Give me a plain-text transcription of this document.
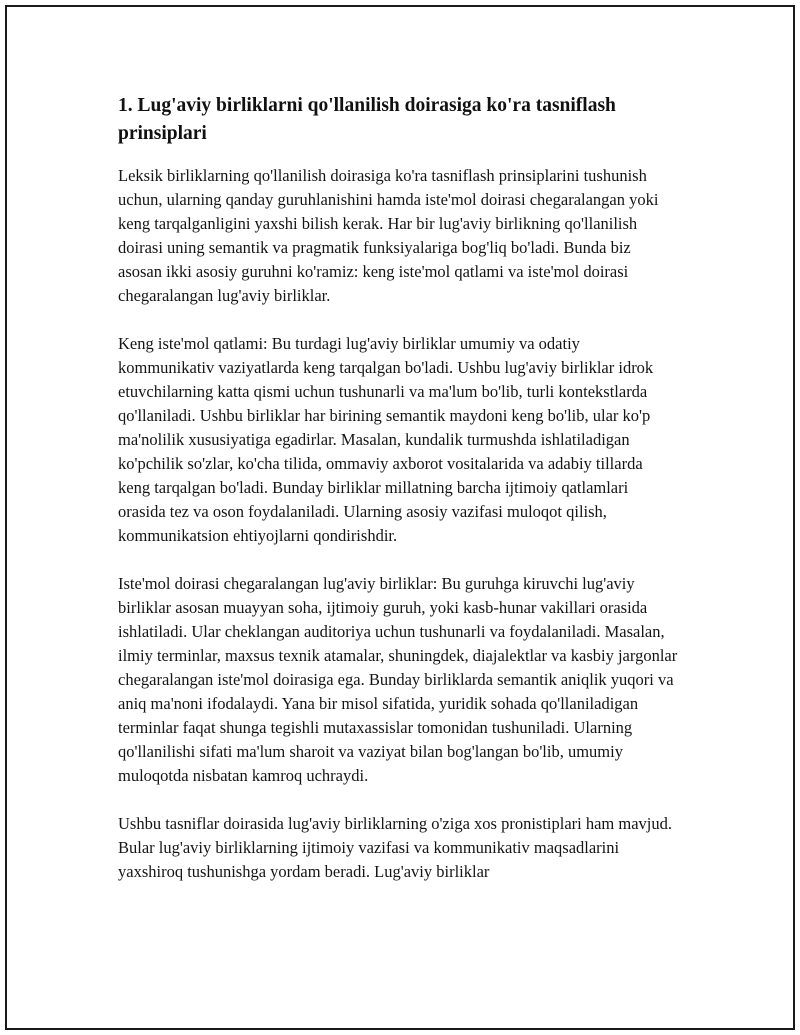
1. Lug'aviy birliklarni qo'llanilish doirasiga ko'ra tasniflash prinsiplari

Leksik birliklarning qo'llanilish doirasiga ko'ra tasniflash prinsiplarini tushunish uchun, ularning qanday guruhlanishini hamda iste'mol doirasi chegaralangan yoki keng tarqalganligini yaxshi bilish kerak. Har bir lug'aviy birlikning qo'llanilish doirasi uning semantik va pragmatik funksiyalariga bog'liq bo'ladi. Bunda biz asosan ikki asosiy guruhni ko'ramiz: keng iste'mol qatlami va iste'mol doirasi chegaralangan lug'aviy birliklar.

Keng iste'mol qatlami: Bu turdagi lug'aviy birliklar umumiy va odatiy kommunikativ vaziyatlarda keng tarqalgan bo'ladi. Ushbu lug'aviy birliklar idrok etuvchilarning katta qismi uchun tushunarli va ma'lum bo'lib, turli kontekstlarda qo'llaniladi. Ushbu birliklar har birining semantik maydoni keng bo'lib, ular ko'p ma'nolilik xususiyatiga egadirlar. Masalan, kundalik turmushda ishlatiladigan ko'pchilik so'zlar, ko'cha tilida, ommaviy axborot vositalarida va adabiy tillarda keng tarqalgan bo'ladi. Bunday birliklar millatning barcha ijtimoiy qatlamlari orasida tez va oson foydalaniladi. Ularning asosiy vazifasi muloqot qilish, kommunikatsion ehtiyojlarni qondirishdir.

Iste'mol doirasi chegaralangan lug'aviy birliklar: Bu guruhga kiruvchi lug'aviy birliklar asosan muayyan soha, ijtimoiy guruh, yoki kasb-hunar vakillari orasida ishlatiladi. Ular cheklangan auditoriya uchun tushunarli va foydalaniladi. Masalan, ilmiy terminlar, maxsus texnik atamalar, shuningdek, diajalektlar va kasbiy jargonlar chegaralangan iste'mol doirasiga ega. Bunday birliklarda semantik aniqlik yuqori va aniq ma'noni ifodalaydi. Yana bir misol sifatida, yuridik sohada qo'llaniladigan terminlar faqat shunga tegishli mutaxassislar tomonidan tushuniladi. Ularning qo'llanilishi sifati ma'lum sharoit va vaziyat bilan bog'langan bo'lib, umumiy muloqotda nisbatan kamroq uchraydi.

Ushbu tasniflar doirasida lug'aviy birliklarning o'ziga xos pronistiplari ham mavjud. Bular lug'aviy birliklarning ijtimoiy vazifasi va kommunikativ maqsadlarini yaxshiroq tushunishga yordam beradi. Lug'aviy birliklar
